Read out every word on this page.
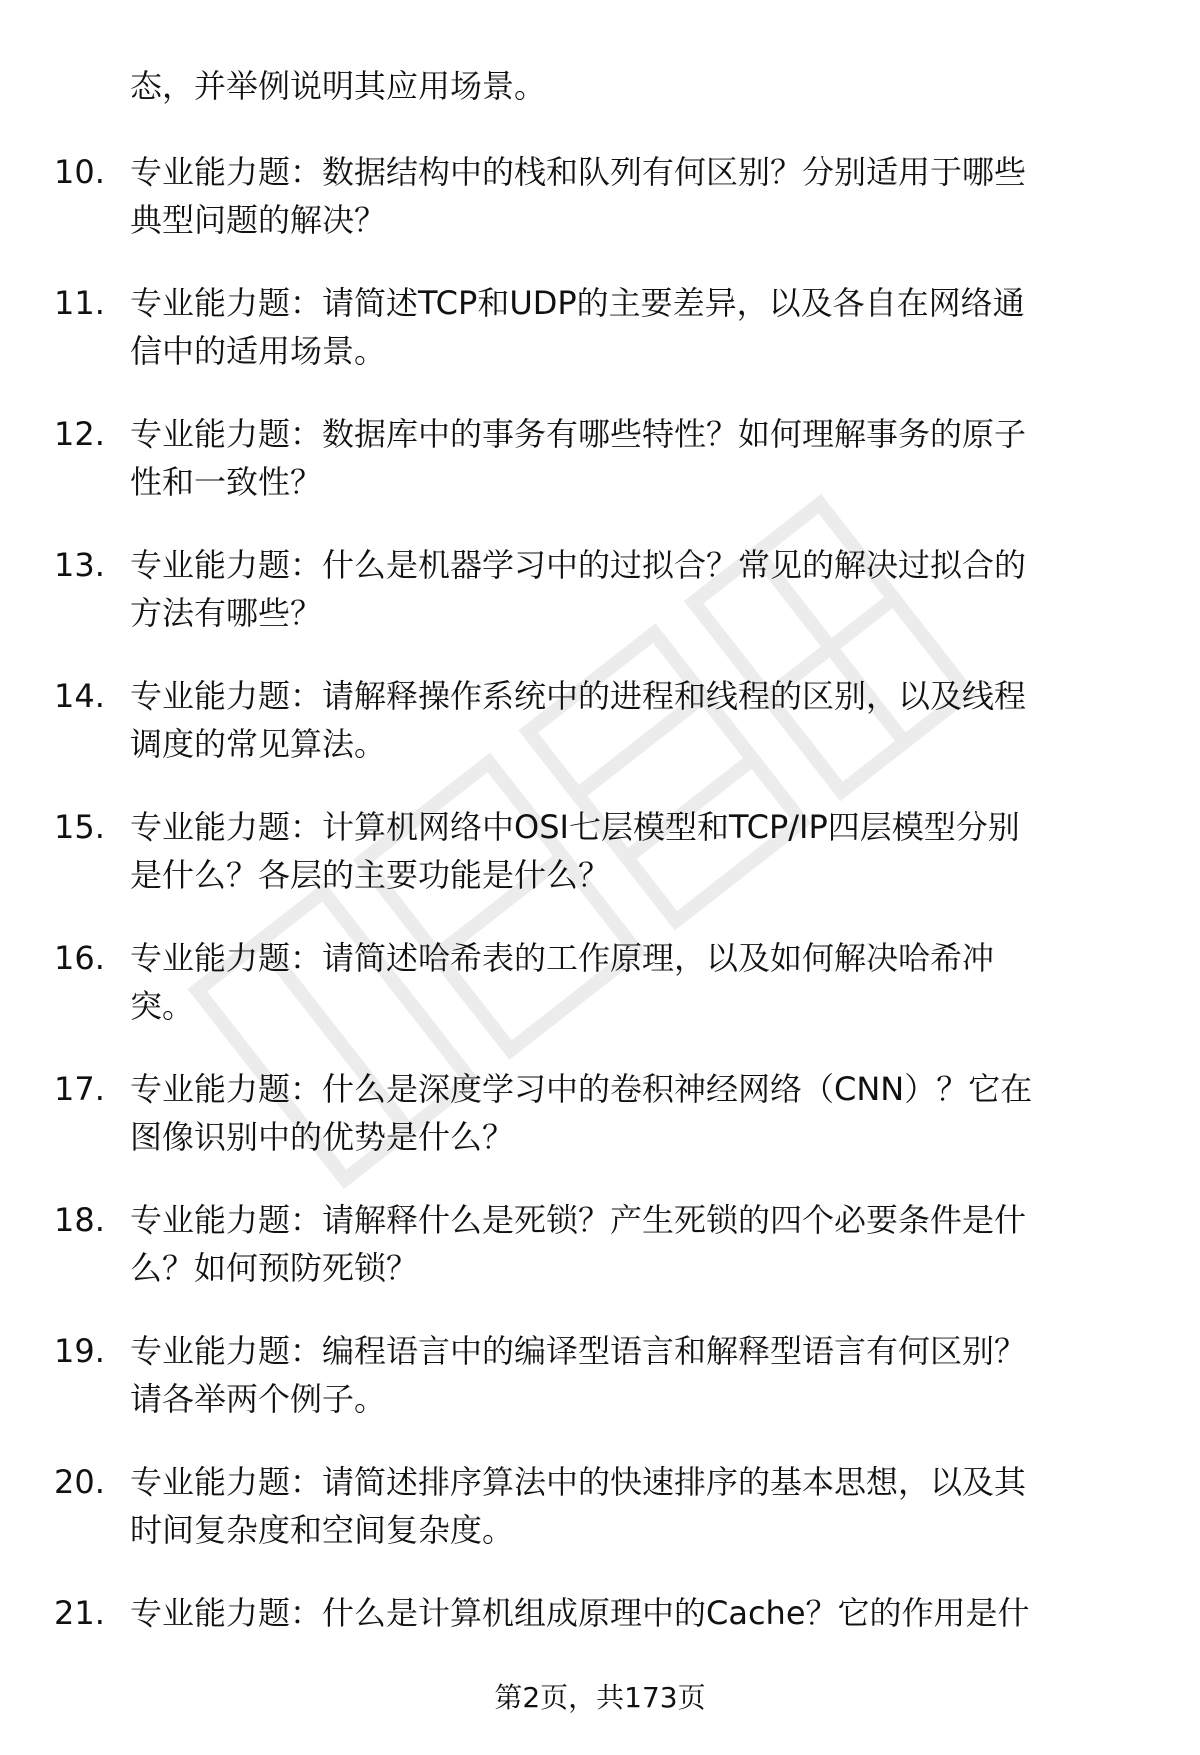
态，并举例说明其应用场景。
10. 专业能力题：数据结构中的栈和队列有何区别？分别适用于哪些
典型问题的解决？
11. 专业能力题：请简述TCP和UDP的主要差异，以及各自在网络通
信中的适用场景。
12. 专业能力题：数据库中的事务有哪些特性？如何理解事务的原子
性和一致性？
13. 专业能力题：什么是机器学习中的过拟合？常见的解决过拟合的
方法有哪些？
14. 专业能力题：请解释操作系统中的进程和线程的区别，以及线程
调度的常见算法。
15. 专业能力题：计算机网络中OSI七层模型和TCP/IP四层模型分别
是什么？各层的主要功能是什么？
16. 专业能力题：请简述哈希表的工作原理，以及如何解决哈希冲
突。
17. 专业能力题：什么是深度学习中的卷积神经网络（CNN）？它在
图像识别中的优势是什么？
18. 专业能力题：请解释什么是死锁？产生死锁的四个必要条件是什
么？如何预防死锁？
19. 专业能力题：编程语言中的编译型语言和解释型语言有何区别？
请各举两个例子。
20. 专业能力题：请简述排序算法中的快速排序的基本思想，以及其
时间复杂度和空间复杂度。
21. 专业能力题：什么是计算机组成原理中的Cache？它的作用是什
第2页，共173页
